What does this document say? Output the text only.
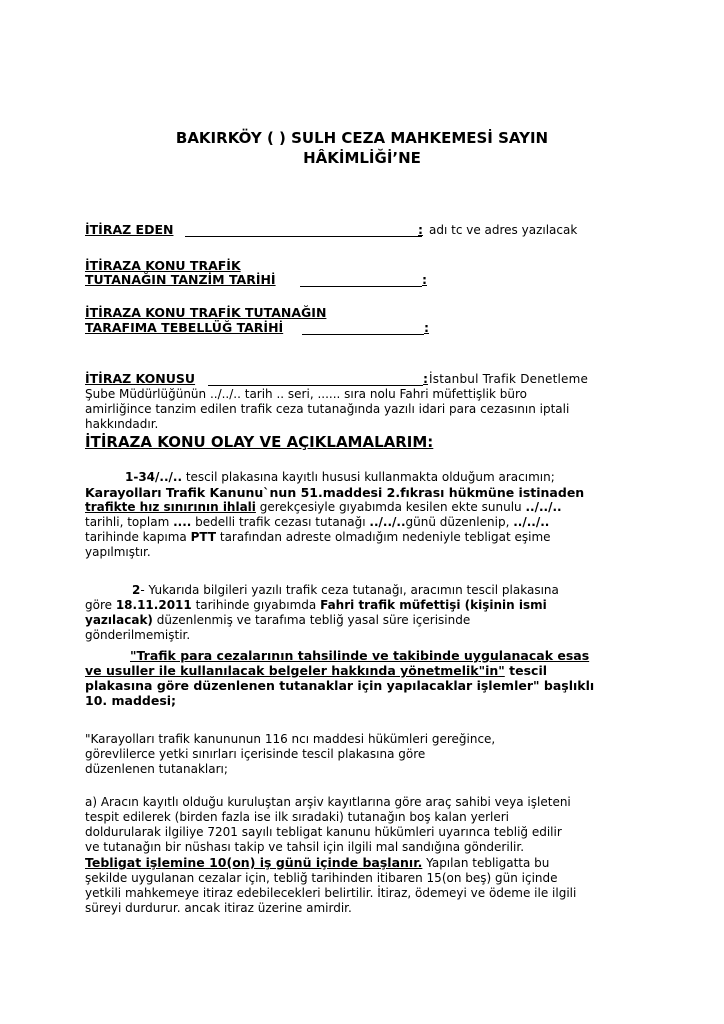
BAKIRKÖY ( ) SULH CEZA MAHKEMESİ SAYIN
HÂKİMLİĞİ’NE
İTİRAZ EDEN	: adı tc ve adres yazılacak
İTİRAZA KONU TRAFİK
TUTANAĞIN TANZİM TARİHİ	:
İTİRAZA KONU TRAFİK TUTANAĞIN
TARAFIMA TEBELLÜĞ TARİHİ	:
İTİRAZ KONUSU	: İstanbul Trafik Denetleme
Şube Müdürlüğünün ../../.. tarih .. seri, ...... sıra nolu Fahri müfettişlik büro
amirliğince tanzim edilen trafik ceza tutanağında yazılı idari para cezasının iptali
hakkındadır.
İTİRAZA KONU OLAY VE AÇIKLAMALARIM:
1-34/../.. tescil plakasına kayıtlı hususi kullanmakta olduğum aracımın;
Karayolları Trafik Kanunu`nun 51.maddesi 2.fıkrası hükmüne istinaden
trafikte hız sınırının ihlali gerekçesiyle gıyabımda kesilen ekte sunulu ../../..
tarihli, toplam .... bedelli trafik cezası tutanağı ../../..günü düzenlenip, ../../..
tarihinde kapıma PTT tarafından adreste olmadığım nedeniyle tebligat eşime
yapılmıştır.
2- Yukarıda bilgileri yazılı trafik ceza tutanağı, aracımın tescil plakasına
göre 18.11.2011 tarihinde gıyabımda Fahri trafik müfettişi (kişinin ismi
yazılacak) düzenlenmiş ve tarafıma tebliğ yasal süre içerisinde
gönderilmemiştir.
"Trafik para cezalarının tahsilinde ve takibinde uygulanacak esas
ve usuller ile kullanılacak belgeler hakkında yönetmelik"in" tescil
plakasına göre düzenlenen tutanaklar için yapılacaklar işlemler" başlıklı
10. maddesi;
"Karayolları trafik kanununun 116 ncı maddesi hükümleri gereğince,
görevlilerce yetki sınırları içerisinde tescil plakasına göre
düzenlenen tutanakları;
a) Aracın kayıtlı olduğu kuruluştan arşiv kayıtlarına göre araç sahibi veya işleteni
tespit edilerek (birden fazla ise ilk sıradaki) tutanağın boş kalan yerleri
doldurularak ilgiliye 7201 sayılı tebligat kanunu hükümleri uyarınca tebliğ edilir
ve tutanağın bir nüshası takip ve tahsil için ilgili mal sandığına gönderilir.
Tebligat işlemine 10(on) iş günü içinde başlanır. Yapılan tebligatta bu
şekilde uygulanan cezalar için, tebliğ tarihinden itibaren 15(on beş) gün içinde
yetkili mahkemeye itiraz edebilecekleri belirtilir. İtiraz, ödemeyi ve ödeme ile ilgili
süreyi durdurur. ancak itiraz üzerine amirdir.
